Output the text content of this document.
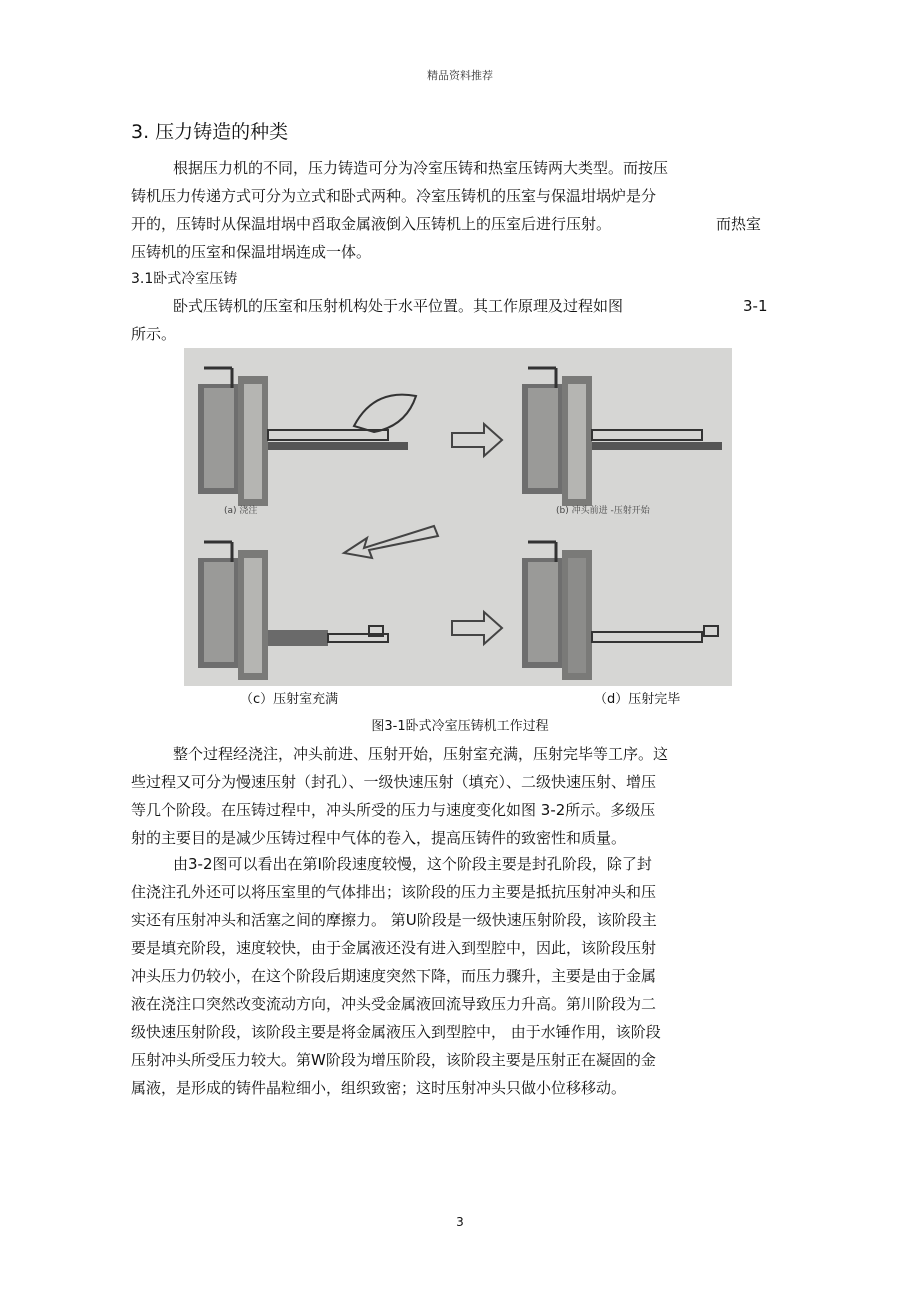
精品资料推荐
3. 压力铸造的种类
根据压力机的不同，压力铸造可分为冷室压铸和热室压铸两大类型。而按压
铸机压力传递方式可分为立式和卧式两种。冷室压铸机的压室与保温坩埚炉是分
开的，压铸时从保温坩埚中舀取金属液倒入压铸机上的压室后进行压射。	而热室
压铸机的压室和保温坩埚连成一体。
3.1卧式冷室压铸
卧式压铸机的压室和压射机构处于水平位置。其工作原理及过程如图	3-1
所示。
(a) 浇注	(b) 冲头前进 -压射开始
（c）压射室充满	（d）压射完毕
图3-1卧式冷室压铸机工作过程
整个过程经浇注，冲头前进、压射开始，压射室充满，压射完毕等工序。这
些过程又可分为慢速压射（封孔）、一级快速压射（填充）、二级快速压射、增压
等几个阶段。在压铸过程中，冲头所受的压力与速度变化如图 3-2所示。多级压
射的主要目的是减少压铸过程中气体的卷入，提高压铸件的致密性和质量。
由3-2图可以看出在第I阶段速度较慢，这个阶段主要是封孔阶段，除了封
住浇注孔外还可以将压室里的气体排出；该阶段的压力主要是抵抗压射冲头和压
实还有压射冲头和活塞之间的摩擦力。 第U阶段是一级快速压射阶段，该阶段主
要是填充阶段，速度较快，由于金属液还没有进入到型腔中，因此，该阶段压射
冲头压力仍较小，在这个阶段后期速度突然下降，而压力骤升，主要是由于金属
液在浇注口突然改变流动方向，冲头受金属液回流导致压力升高。第川阶段为二
级快速压射阶段，该阶段主要是将金属液压入到型腔中， 由于水锤作用，该阶段
压射冲头所受压力较大。第W阶段为增压阶段，该阶段主要是压射正在凝固的金
属液，是形成的铸件晶粒细小，组织致密；这时压射冲头只做小位移移动。
3
